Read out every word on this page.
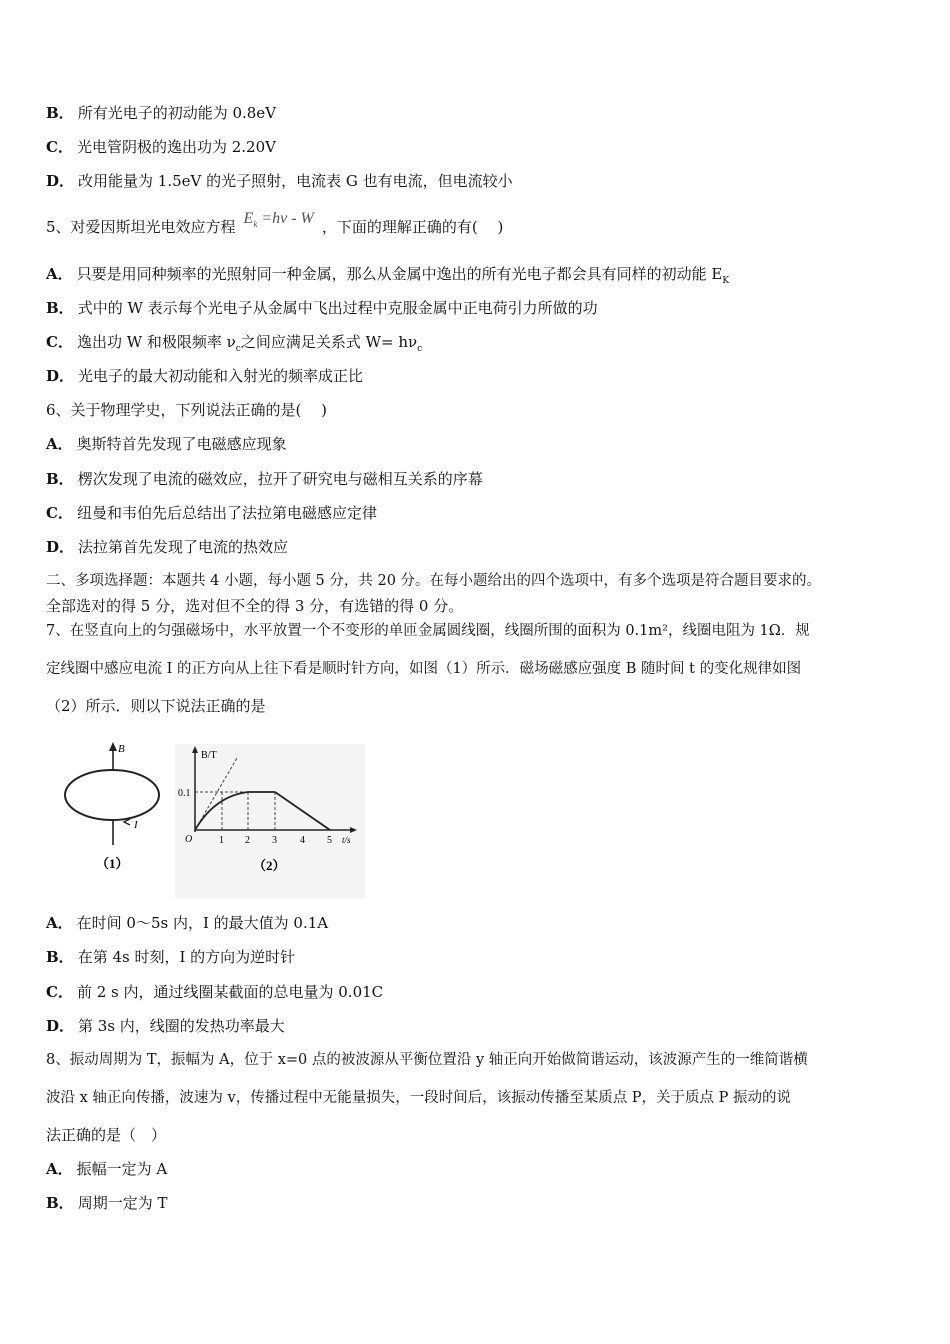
B． 所有光电子的初动能为 0.8eV
C． 光电管阴极的逸出功为 2.20V
D． 改用能量为 1.5eV 的光子照射，电流表 G 也有电流，但电流较小
5、对爱因斯坦光电效应方程 $E_k =h\nu - W$ ，下面的理解正确的有(　 )
A． 只要是用同种频率的光照射同一种金属，那么从金属中逸出的所有光电子都会具有同样的初动能 $E_K$
B． 式中的 W 表示每个光电子从金属中飞出过程中克服金属中正电荷引力所做的功
C． 逸出功 W 和极限频率 $\nu_c$之间应满足关系式 $W= h\nu_c$
D． 光电子的最大初动能和入射光的频率成正比
6、关于物理学史，下列说法正确的是(　 )
A． 奥斯特首先发现了电磁感应现象
B． 楞次发现了电流的磁效应，拉开了研究电与磁相互关系的序幕
C． 纽曼和韦伯先后总结出了法拉第电磁感应定律
D． 法拉第首先发现了电流的热效应
二、多项选择题：本题共 4 小题，每小题 5 分，共 20 分。在每小题给出的四个选项中，有多个选项是符合题目要求的。
全部选对的得 5 分，选对但不全的得 3 分，有选错的得 0 分。
7、在竖直向上的匀强磁场中，水平放置一个不变形的单匝金属圆线圈，线圈所围的面积为 0.1m²，线圈电阻为 1Ω．规
定线圈中感应电流 I 的正方向从上往下看是顺时针方向，如图（1）所示．磁场磁感应强度 B 随时间 t 的变化规律如图
（2）所示．则以下说法正确的是
B
I
（1）
B/T
0.1
O	1 2 3 4 5 t/s
（2）
A． 在时间 0～5s 内，I 的最大值为 0.1A
B． 在第 4s 时刻，I 的方向为逆时针
C． 前 2 s 内，通过线圈某截面的总电量为 0.01C
D． 第 3s 内，线圈的发热功率最大
8、振动周期为 T，振幅为 A，位于 x=0 点的被波源从平衡位置沿 y 轴正向开始做简谐运动，该波源产生的一维简谐横
波沿 x 轴正向传播，波速为 v，传播过程中无能量损失，一段时间后，该振动传播至某质点 P，关于质点 P 振动的说
法正确的是（　）
A． 振幅一定为 A
B． 周期一定为 T
